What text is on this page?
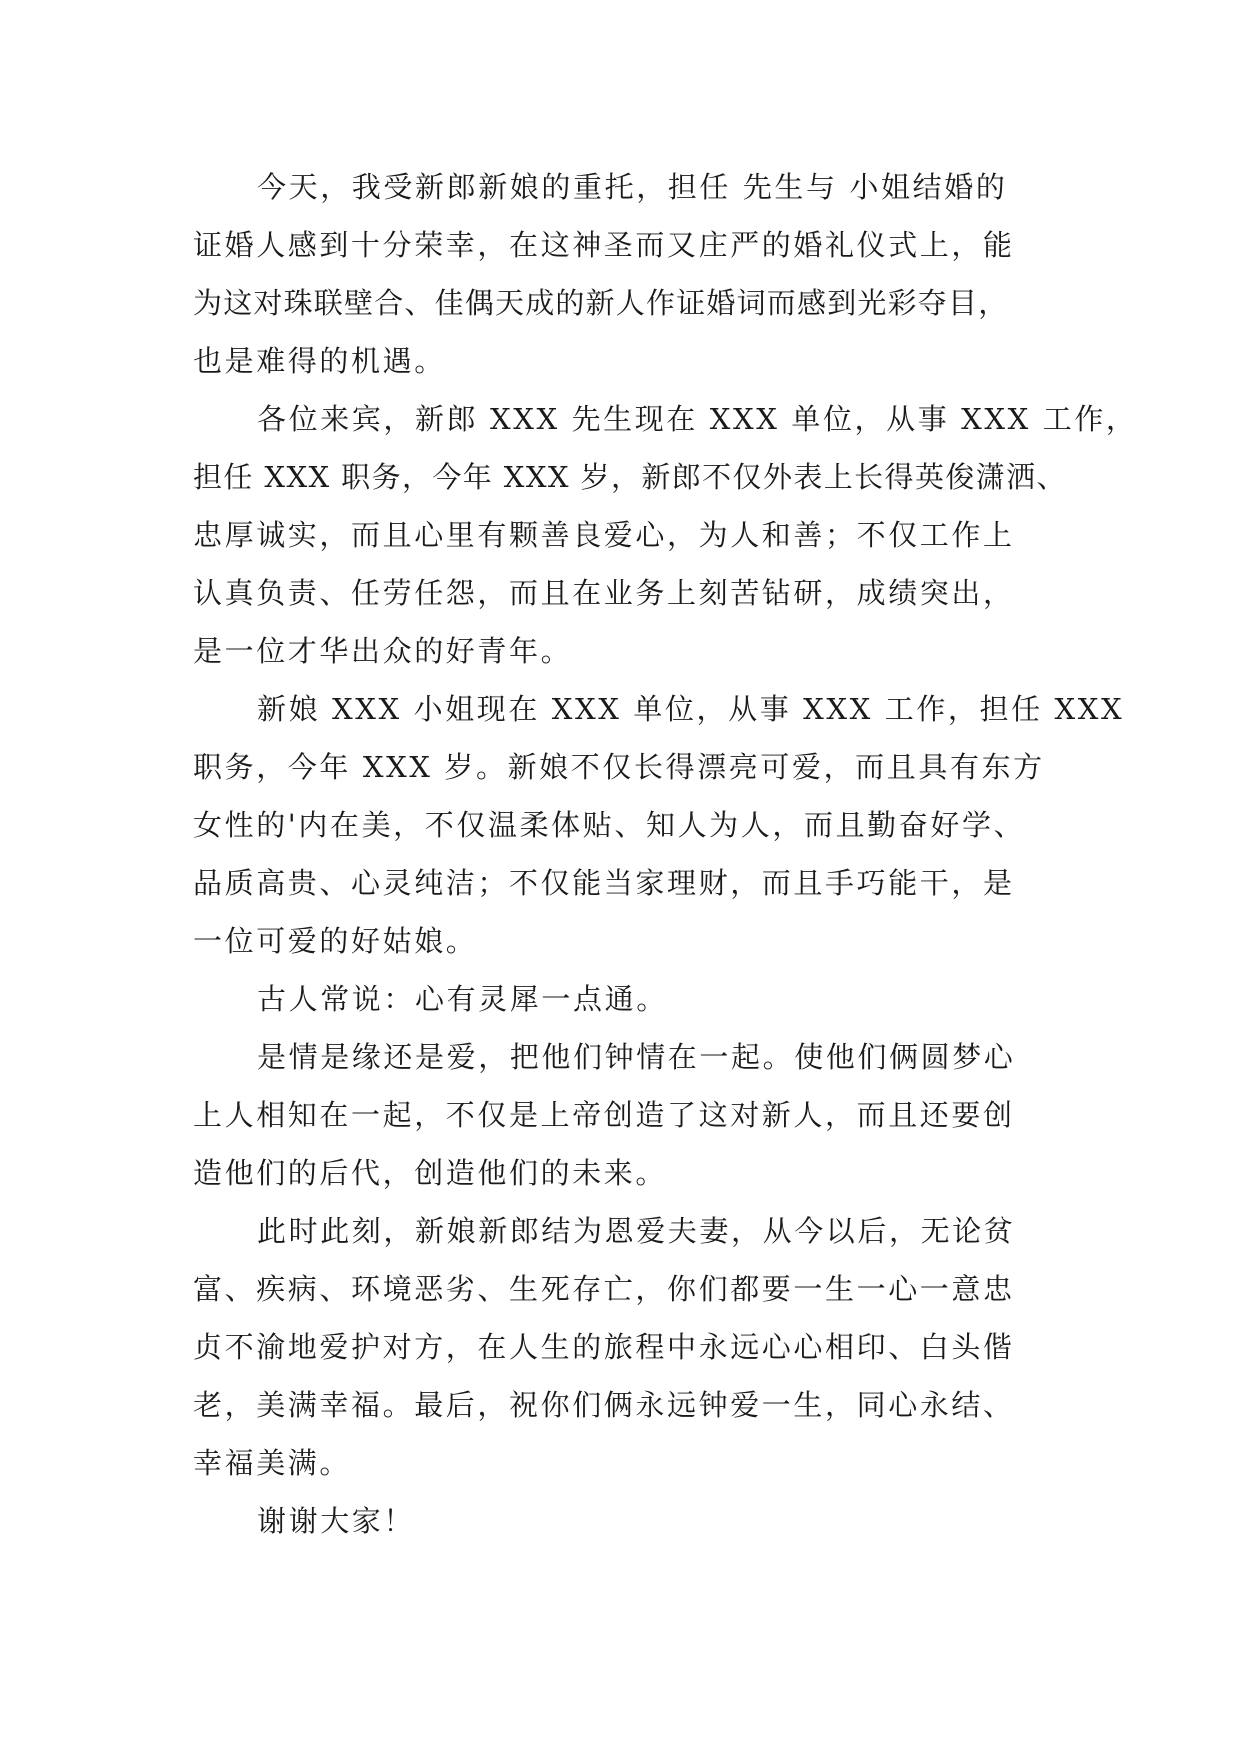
今天，我受新郎新娘的重托，担任 先生与 小姐结婚的
证婚人感到十分荣幸，在这神圣而又庄严的婚礼仪式上，能
为这对珠联壁合、佳偶天成的新人作证婚词而感到光彩夺目，
也是难得的机遇。

各位来宾，新郎 XXX 先生现在 XXX 单位，从事 XXX 工作，
担任 XXX 职务，今年 XXX 岁，新郎不仅外表上长得英俊潇洒、
忠厚诚实，而且心里有颗善良爱心，为人和善；不仅工作上
认真负责、任劳任怨，而且在业务上刻苦钻研，成绩突出，
是一位才华出众的好青年。

新娘 XXX 小姐现在 XXX 单位，从事 XXX 工作，担任 XXX
职务，今年 XXX 岁。新娘不仅长得漂亮可爱，而且具有东方
女性的'内在美，不仅温柔体贴、知人为人，而且勤奋好学、
品质高贵、心灵纯洁；不仅能当家理财，而且手巧能干，是
一位可爱的好姑娘。

古人常说：心有灵犀一点通。

是情是缘还是爱，把他们钟情在一起。使他们俩圆梦心
上人相知在一起，不仅是上帝创造了这对新人，而且还要创
造他们的后代，创造他们的未来。

此时此刻，新娘新郎结为恩爱夫妻，从今以后，无论贫
富、疾病、环境恶劣、生死存亡，你们都要一生一心一意忠
贞不渝地爱护对方，在人生的旅程中永远心心相印、白头偕
老，美满幸福。最后，祝你们俩永远钟爱一生，同心永结、
幸福美满。

谢谢大家！
